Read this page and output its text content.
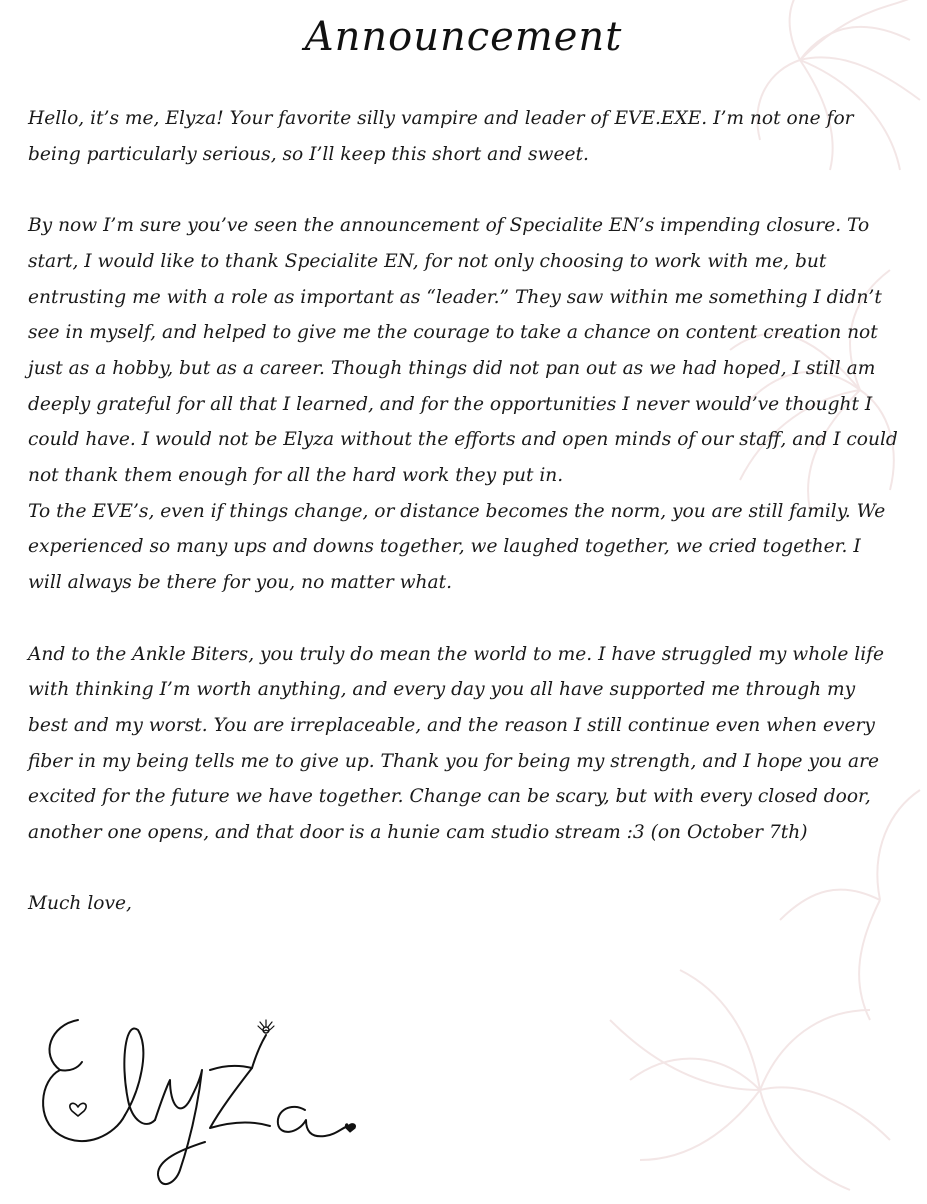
Announcement

Hello, it’s me, Elyza! Your favorite silly vampire and leader of EVE.EXE. I’m not one for being particularly serious, so I’ll keep this short and sweet.

By now I’m sure you’ve seen the announcement of Specialite EN’s impending closure. To start, I would like to thank Specialite EN, for not only choosing to work with me, but entrusting me with a role as important as “leader.” They saw within me something I didn’t see in myself, and helped to give me the courage to take a chance on content creation not just as a hobby, but as a career. Though things did not pan out as we had hoped, I still am deeply grateful for all that I learned, and for the opportunities I never would’ve thought I could have. I would not be Elyza without the efforts and open minds of our staff, and I could not thank them enough for all the hard work they put in.

To the EVE’s, even if things change, or distance becomes the norm, you are still family. We experienced so many ups and downs together, we laughed together, we cried together. I will always be there for you, no matter what.

And to the Ankle Biters, you truly do mean the world to me. I have struggled my whole life with thinking I’m worth anything, and every day you all have supported me through my best and my worst. You are irreplaceable, and the reason I still continue even when every fiber in my being tells me to give up. Thank you for being my strength, and I hope you are excited for the future we have together. Change can be scary, but with every closed door, another one opens, and that door is a hunie cam studio stream :3 (on October 7th)

Much love,
